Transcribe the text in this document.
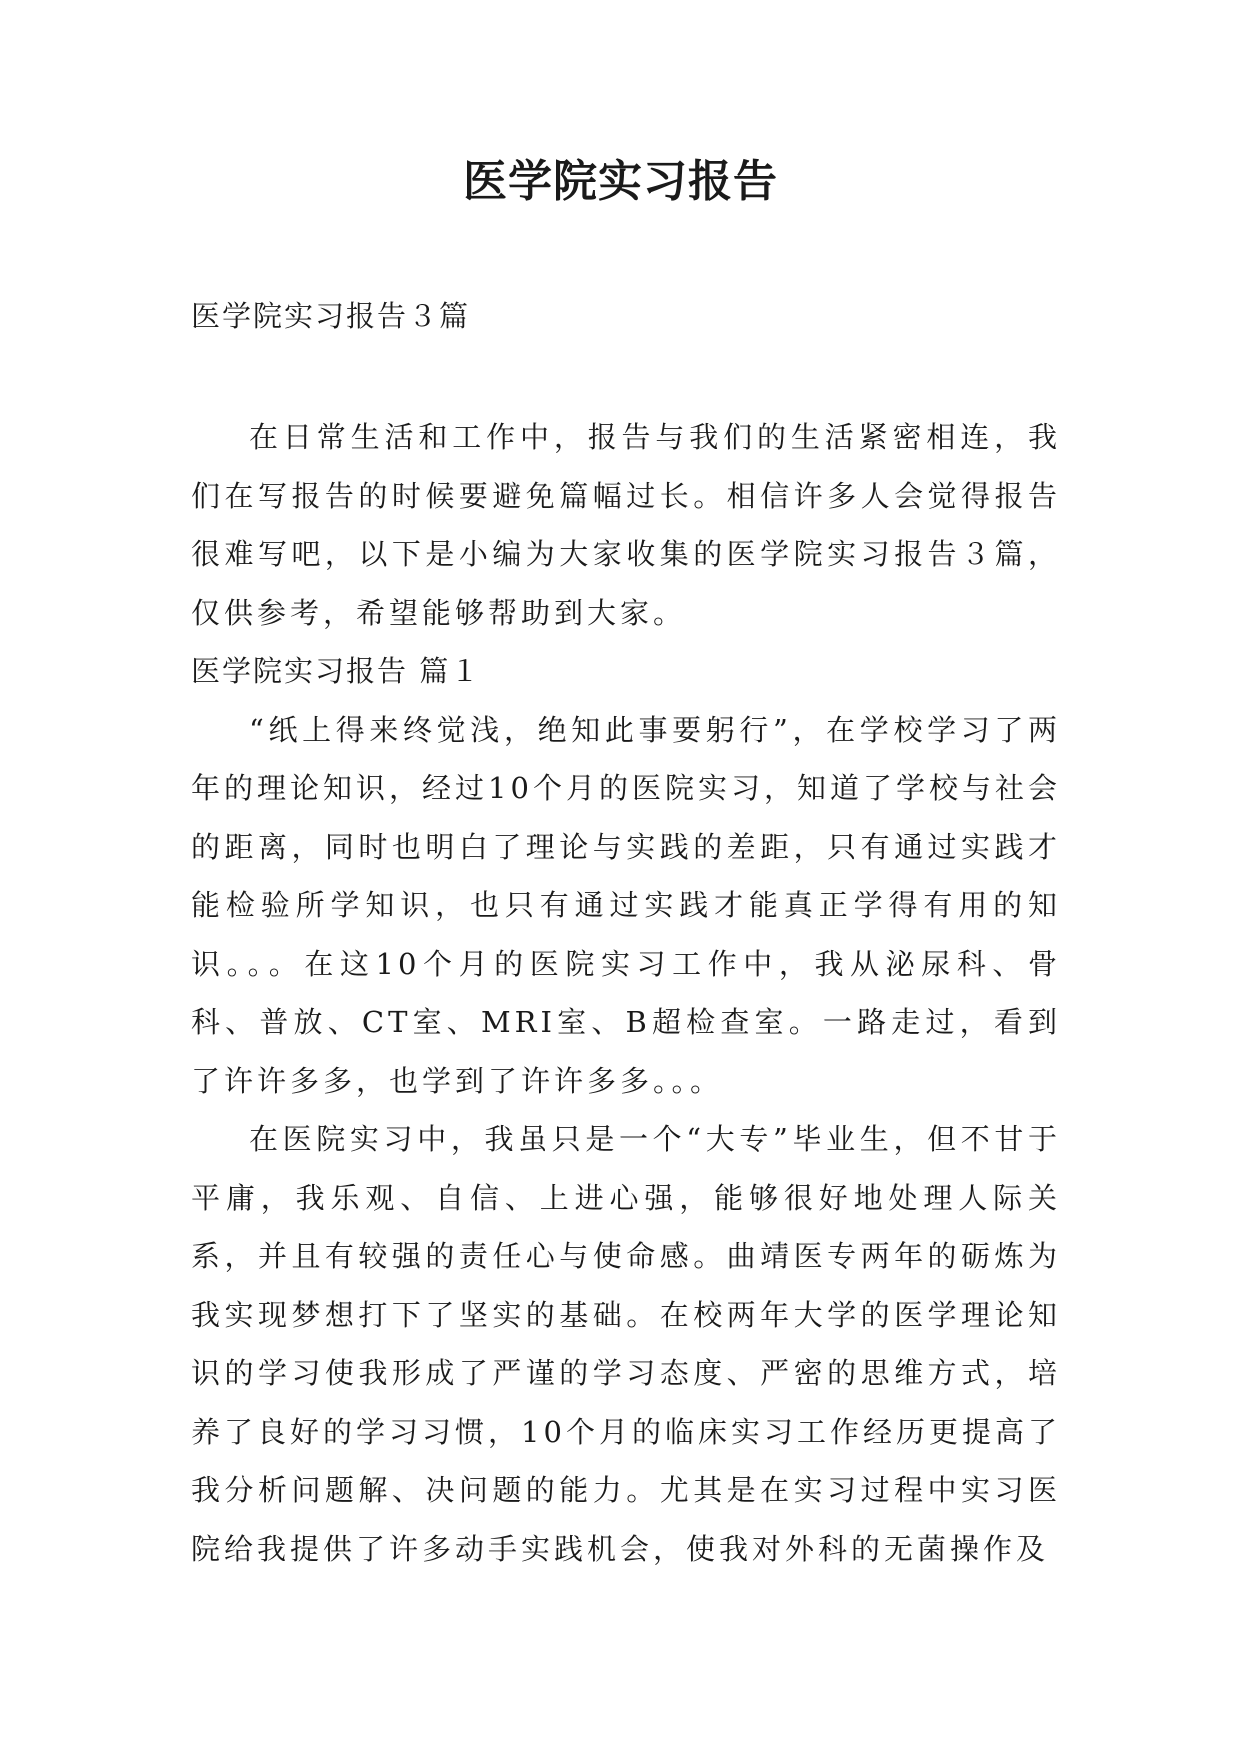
医学院实习报告

医学院实习报告３篇

在日常生活和工作中，报告与我们的生活紧密相连，我们在写报告的时候要避免篇幅过长。相信许多人会觉得报告很难写吧，以下是小编为大家收集的医学院实习报告３篇，仅供参考，希望能够帮助到大家。

医学院实习报告 篇１

“纸上得来终觉浅，绝知此事要躬行”，在学校学习了两年的理论知识，经过10个月的医院实习，知道了学校与社会的距离，同时也明白了理论与实践的差距，只有通过实践才能检验所学知识，也只有通过实践才能真正学得有用的知识。。。在这10个月的医院实习工作中，我从泌尿科、骨科、普放、CT室、MRI室、B超检查室。一路走过，看到了许许多多，也学到了许许多多。。。

在医院实习中，我虽只是一个“大专”毕业生，但不甘于平庸，我乐观、自信、上进心强，能够很好地处理人际关系，并且有较强的责任心与使命感。曲靖医专两年的砺炼为我实现梦想打下了坚实的基础。在校两年大学的医学理论知识的学习使我形成了严谨的学习态度、严密的思维方式，培养了良好的学习习惯，10个月的临床实习工作经历更提高了我分析问题解、决问题的能力。尤其是在实习过程中实习医院给我提供了许多动手实践机会，使我对外科的无菌操作及
